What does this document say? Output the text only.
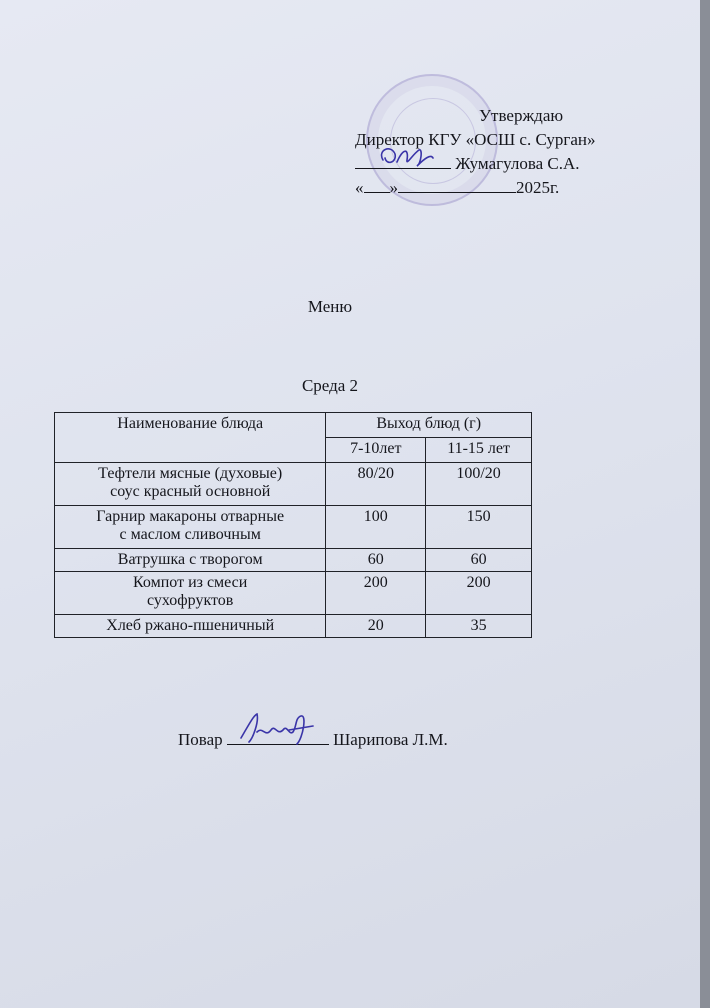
Утверждаю
Директор КГУ «ОСШ с. Сурган»
Жумагулова С.А.
« »	2025г.
Меню
Среда 2
Наименование блюда	Выход блюд (г)	
	7-10лет	11-15 лет

Тефтели мясные (духовые)
соус красный основной	80/20	100/20

Гарнир макароны отварные
с маслом сливочным	100	150

Ватрушка с творогом	60	60

Компот из смеси
сухофруктов	200	200

Хлеб ржано-пшеничный	20	35
Повар	Шарипова Л.М.
